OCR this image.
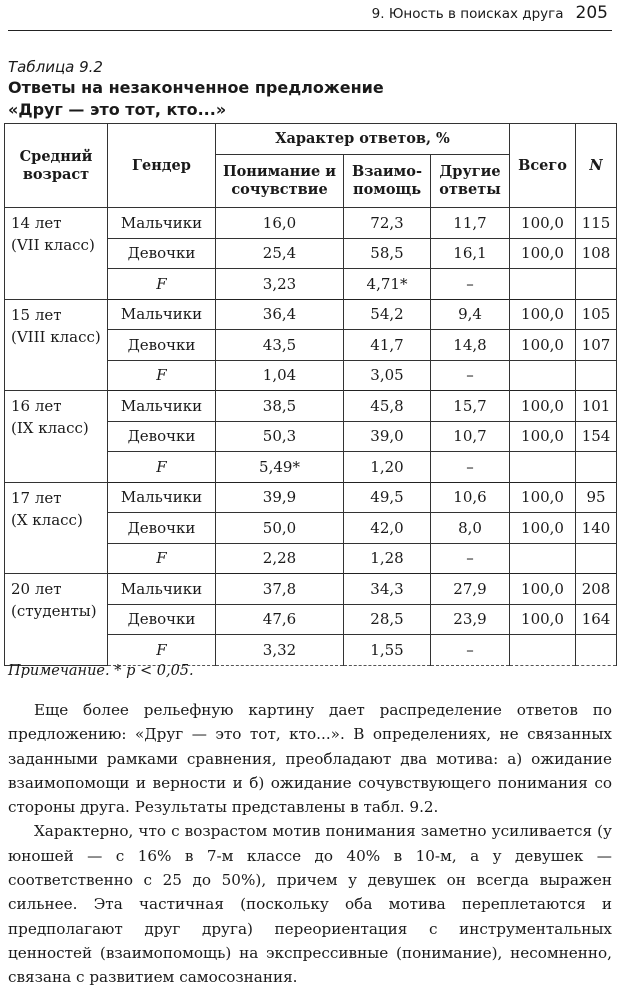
9. Юность в поисках друга 205
Таблица 9.2
Ответы на незаконченное предложение
«Друг — это тот, кто...»
Средний возраст	Гендер	Характер ответов, %			Всего	N
		Понимание и сочувствие	Взаимо-помощь	Другие ответы		

14 лет
(VII класс)	Мальчики	16,0	72,3	11,7	100,0	115
	Девочки	25,4	58,5	16,1	100,0	108
	F	3,23	4,71*	–		

15 лет
(VIII класс)	Мальчики	36,4	54,2	9,4	100,0	105
	Девочки	43,5	41,7	14,8	100,0	107
	F	1,04	3,05	–		

16 лет
(IX класс)	Мальчики	38,5	45,8	15,7	100,0	101
	Девочки	50,3	39,0	10,7	100,0	154
	F	5,49*	1,20	–		

17 лет
(X класс)	Мальчики	39,9	49,5	10,6	100,0	95
	Девочки	50,0	42,0	8,0	100,0	140
	F	2,28	1,28	–		

20 лет
(студенты)	Мальчики	37,8	34,3	27,9	100,0	208
	Девочки	47,6	28,5	23,9	100,0	164
	F	3,32	1,55	–		
Примечание. * p < 0,05.

Еще более рельефную картину дает распределение ответов по предложению: «Друг — это тот, кто...». В определениях, не связанных заданными рамками сравнения, преобладают два мотива: а) ожидание взаимопомощи и верности и б) ожидание сочувствующего понимания со стороны друга. Результаты представлены в табл. 9.2.

Характерно, что с возрастом мотив понимания заметно усиливается (у юношей — с 16% в 7-м классе до 40% в 10-м, а у девушек — соответственно с 25 до 50%), причем у девушек он всегда выражен сильнее. Эта частичная (поскольку оба мотива переплетаются и предполагают друг друга) переориентация с инструментальных ценностей (взаимопомощь) на экспрессивные (понимание), несомненно, связана с развитием самосознания.
